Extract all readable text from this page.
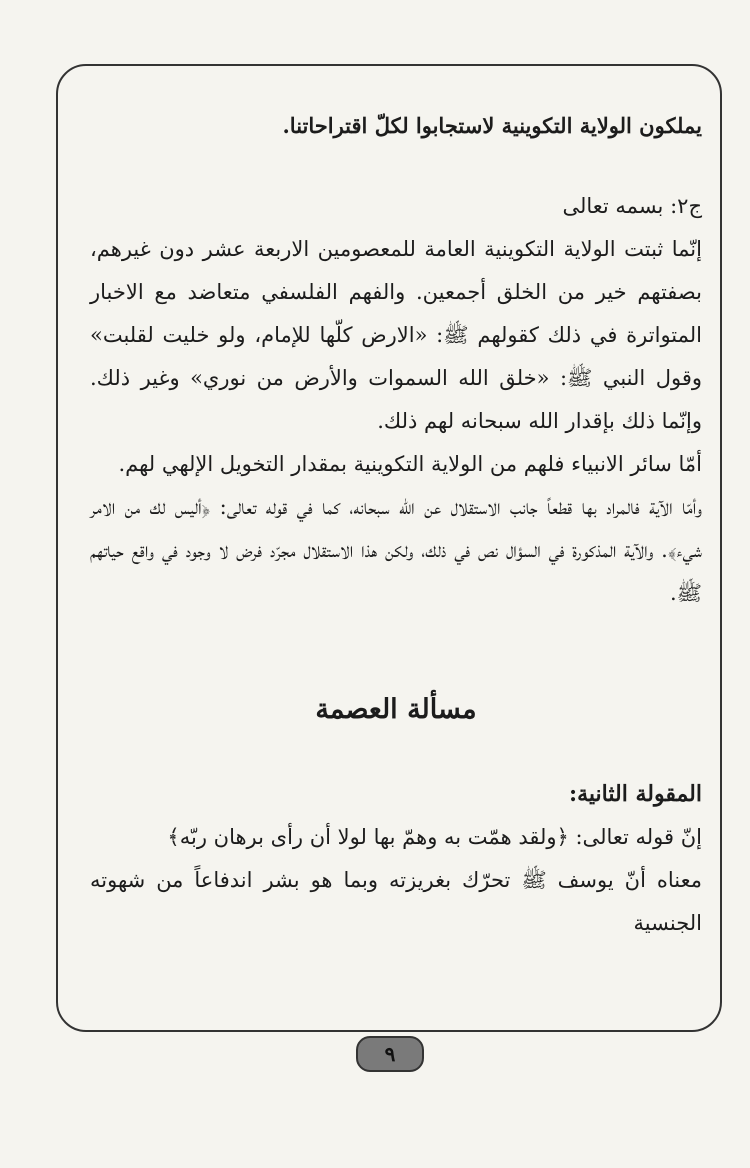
يملكون الولاية التكوينية لاستجابوا لكلّ اقتراحاتنا.

ج٢: بسمه تعالى

إنّما ثبتت الولاية التكوينية العامة للمعصومين الاربعة عشر دون غيرهم، بصفتهم خير من الخلق أجمعين. والفهم الفلسفي متعاضد مع الاخبار المتواترة في ذلك كقولهم ﷺ: «الارض كلّها للإمام، ولو خليت لقلبت» وقول النبي ﷺ: «خلق الله السموات والأرض من نوري» وغير ذلك. وإنّما ذلك بإقدار الله سبحانه لهم ذلك.

أمّا سائر الانبياء فلهم من الولاية التكوينية بمقدار التخويل الإلهي لهم.

وأمّا الآية فالمراد بها قطعاً جانب الاستقلال عن الله سبحانه، كما في قوله تعالى: ﴿أليس لك من الامر شيء﴾. والآية المذكورة في السؤال نص في ذلك، ولكن هذا الاستقلال مجرّد فرض لا وجود في واقع حياتهم ﷺ.

مسألة العصمة

المقولة الثانية:

إنّ قوله تعالى: ﴿ولقد همّت به وهمّ بها لولا أن رأى برهان ربّه﴾

معناه أنّ يوسف ﷺ تحرّك بغريزته وبما هو بشر اندفاعاً من شهوته الجنسية

٩
